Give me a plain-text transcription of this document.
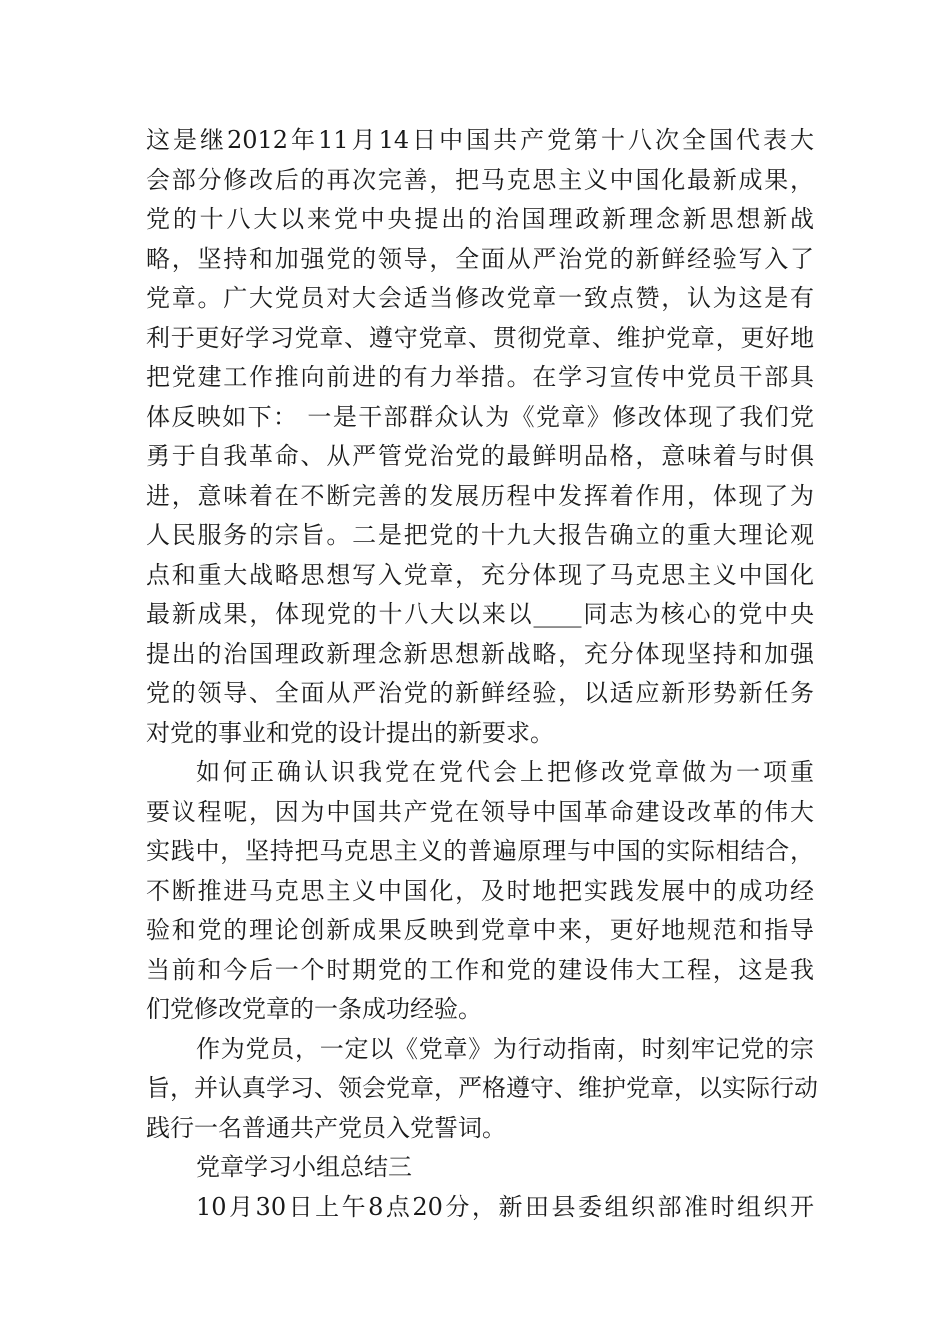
这是继2012年11月14日中国共产党第十八次全国代表大
会部分修改后的再次完善，把马克思主义中国化最新成果，
党的十八大以来党中央提出的治国理政新理念新思想新战
略，坚持和加强党的领导，全面从严治党的新鲜经验写入了
党章。广大党员对大会适当修改党章一致点赞，认为这是有
利于更好学习党章、遵守党章、贯彻党章、维护党章，更好地
把党建工作推向前进的有力举措。在学习宣传中党员干部具
体反映如下： 一是干部群众认为《党章》修改体现了我们党
勇于自我革命、从严管党治党的最鲜明品格，意味着与时俱
进，意味着在不断完善的发展历程中发挥着作用，体现了为
人民服务的宗旨。二是把党的十九大报告确立的重大理论观
点和重大战略思想写入党章，充分体现了马克思主义中国化
最新成果，体现党的十八大以来以____同志为核心的党中央
提出的治国理政新理念新思想新战略，充分体现坚持和加强
党的领导、全面从严治党的新鲜经验，以适应新形势新任务
对党的事业和党的设计提出的新要求。
如何正确认识我党在党代会上把修改党章做为一项重
要议程呢，因为中国共产党在领导中国革命建设改革的伟大
实践中，坚持把马克思主义的普遍原理与中国的实际相结合，
不断推进马克思主义中国化，及时地把实践发展中的成功经
验和党的理论创新成果反映到党章中来，更好地规范和指导
当前和今后一个时期党的工作和党的建设伟大工程，这是我
们党修改党章的一条成功经验。
作为党员，一定以《党章》为行动指南，时刻牢记党的宗
旨，并认真学习、领会党章，严格遵守、维护党章，以实际行动
践行一名普通共产党员入党誓词。
党章学习小组总结三
10月30日上午8点20分，新田县委组织部准时组织开
